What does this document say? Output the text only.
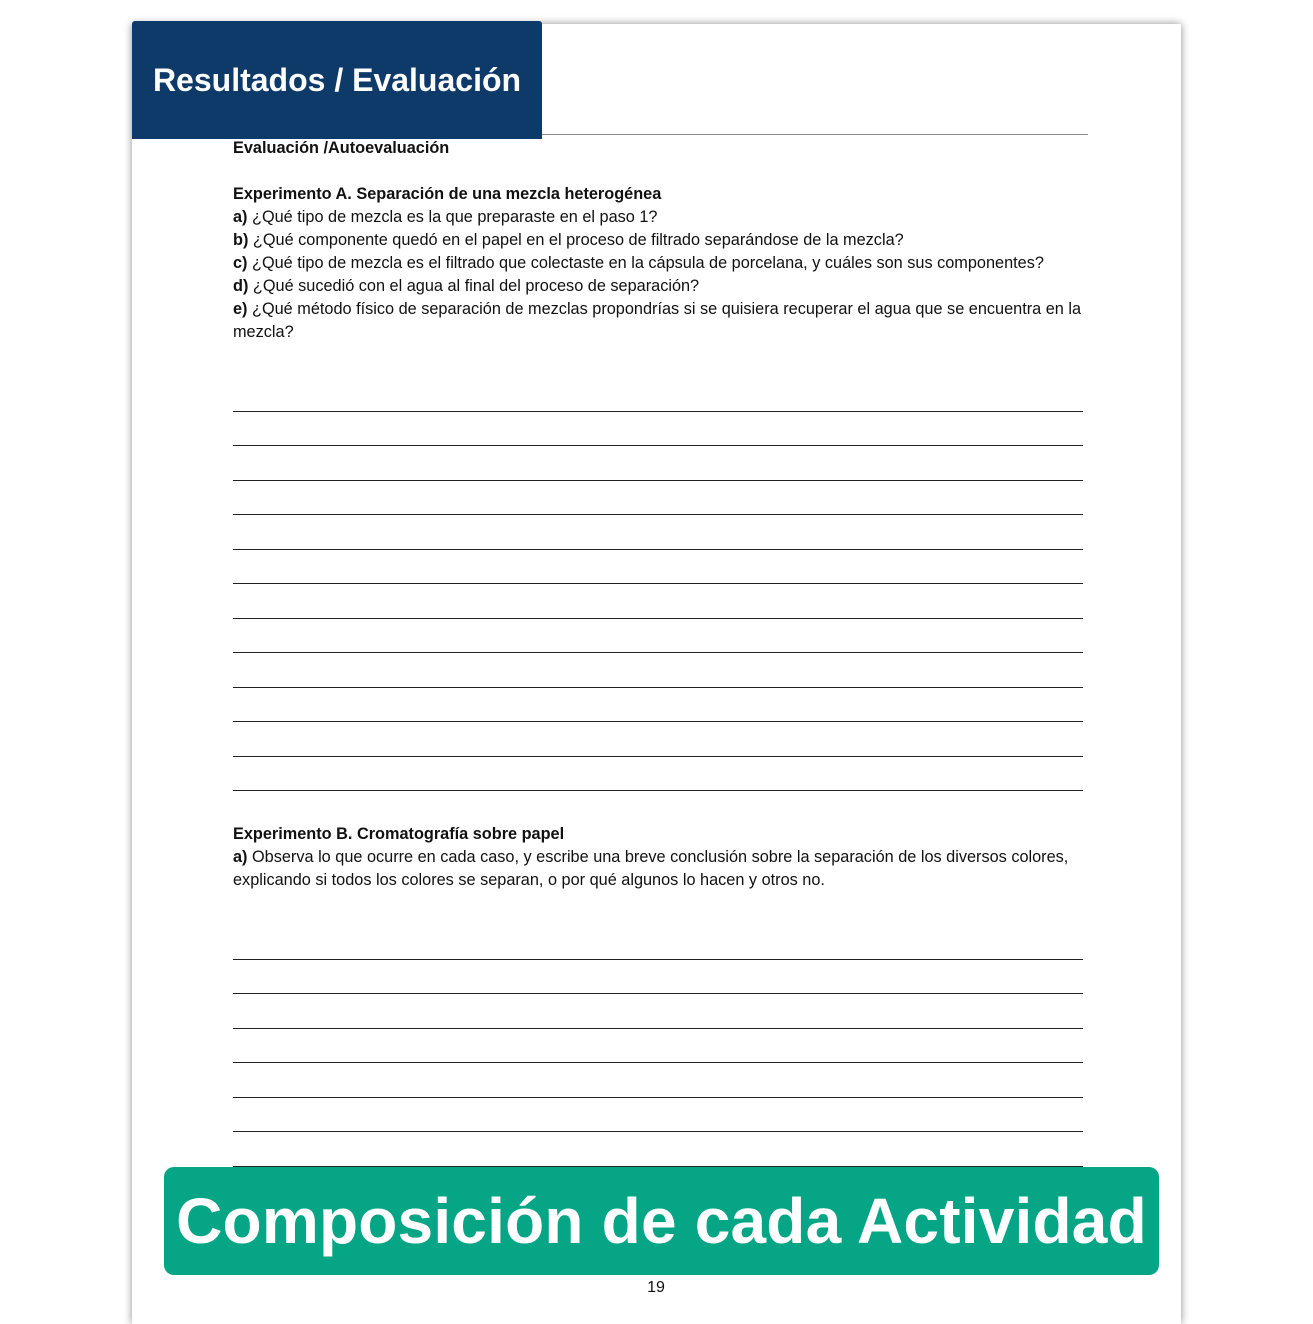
Resultados / Evaluación

Evaluación /Autoevaluación

Experimento A. Separación de una mezcla heterogénea

a) ¿Qué tipo de mezcla es la que preparaste en el paso 1?

b) ¿Qué componente quedó en el papel en el proceso de filtrado separándose de la mezcla?

c) ¿Qué tipo de mezcla es el filtrado que colectaste en la cápsula de porcelana, y cuáles son sus componentes?

d) ¿Qué sucedió con el agua al final del proceso de separación?

e) ¿Qué método físico de separación de mezclas propondrías si se quisiera recuperar el agua que se encuentra en la mezcla?

Experimento B. Cromatografía sobre papel

a) Observa lo que ocurre en cada caso, y escribe una breve conclusión sobre la separación de los diversos colores, explicando si todos los colores se separan, o por qué algunos lo hacen y otros no.

Composición de cada Actividad
19
